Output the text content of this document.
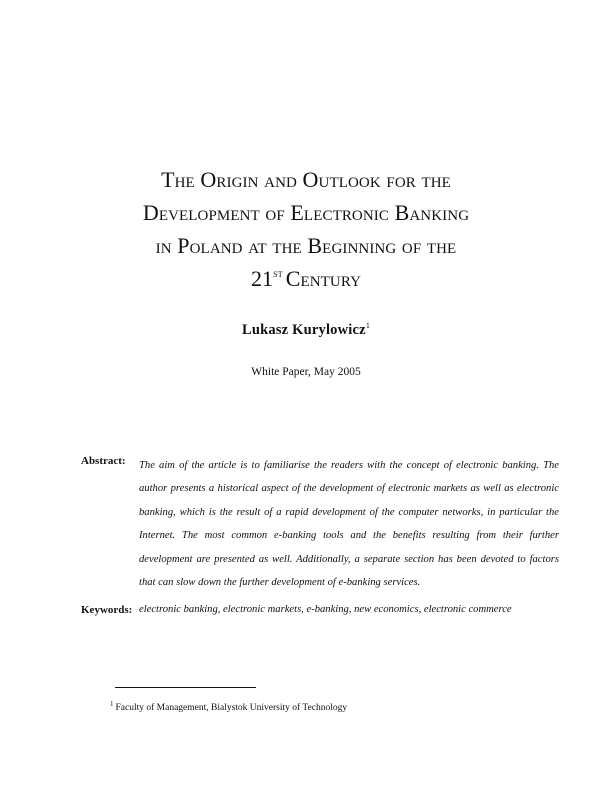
The Origin and Outlook for the
Development of Electronic Banking
in Poland at the Beginning of the
21st Century
Lukasz Kurylowicz$^1$
White Paper, May 2005
Abstract: The aim of the article is to familiarise the readers with the concept of electronic banking. The author presents a historical aspect of the development of electronic markets as well as electronic banking, which is the result of a rapid development of the computer networks, in particular the Internet. The most common e-banking tools and the benefits resulting from their further development are presented as well. Additionally, a separate section has been devoted to factors that can slow down the further development of e-banking services.
Keywords: electronic banking, electronic markets, e-banking, new economics, electronic commerce
$^1$ Faculty of Management, Bialystok University of Technology
